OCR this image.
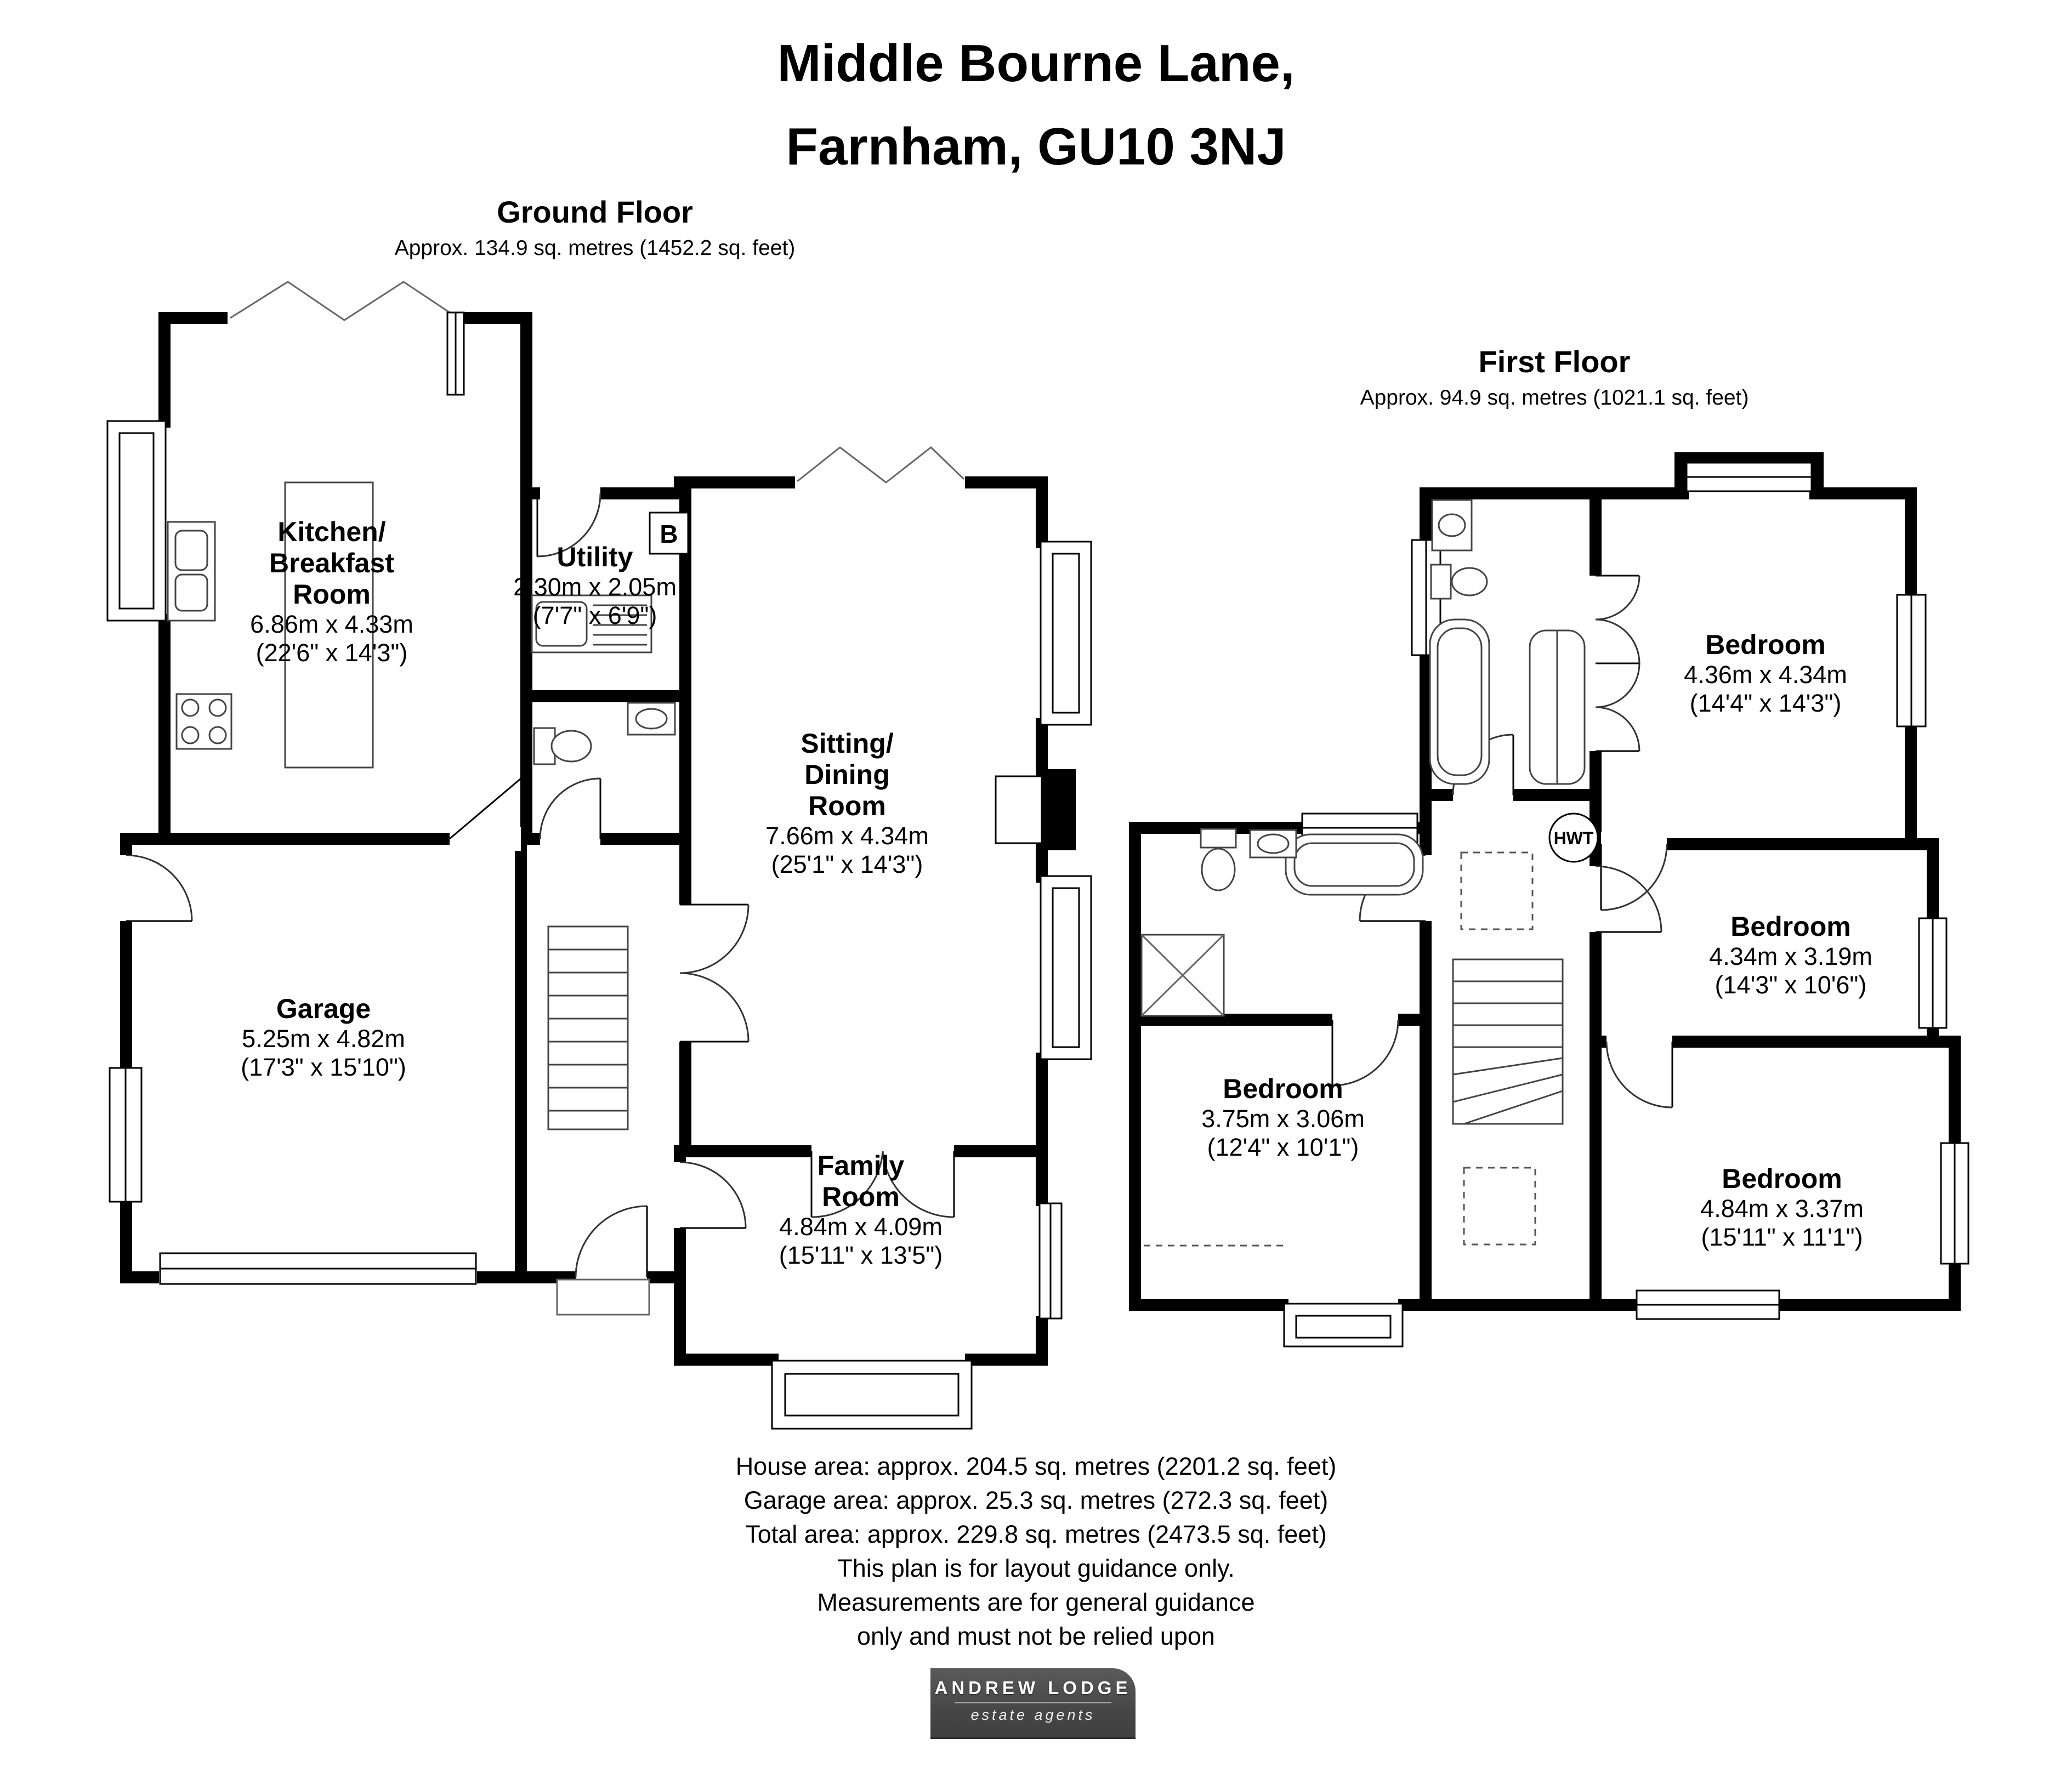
Middle Bourne Lane,
Farnham, GU10 3NJ
Ground Floor
Approx. 134.9 sq. metres (1452.2 sq. feet)
First Floor
Approx. 94.9 sq. metres (1021.1 sq. feet)
B
HWT
Kitchen/
Breakfast
Room
6.86m x 4.33m
(22'6" x 14'3")
Utility
2.30m x 2.05m
(7'7" x 6'9")
Sitting/
Dining
Room
7.66m x 4.34m
(25'1" x 14'3")
Garage
5.25m x 4.82m
(17'3" x 15'10")
Family
Room
4.84m x 4.09m
(15'11" x 13'5")
Bedroom
4.36m x 4.34m
(14'4" x 14'3")
Bedroom
4.34m x 3.19m
(14'3" x 10'6")
Bedroom
3.75m x 3.06m
(12'4" x 10'1")
Bedroom
4.84m x 3.37m
(15'11" x 11'1")
House area: approx. 204.5 sq. metres (2201.2 sq. feet)
Garage area: approx. 25.3 sq. metres (272.3 sq. feet)
Total area: approx. 229.8 sq. metres (2473.5 sq. feet)
This plan is for layout guidance only.
Measurements are for general guidance
only and must not be relied upon
ANDREW LODGE
estate agents
